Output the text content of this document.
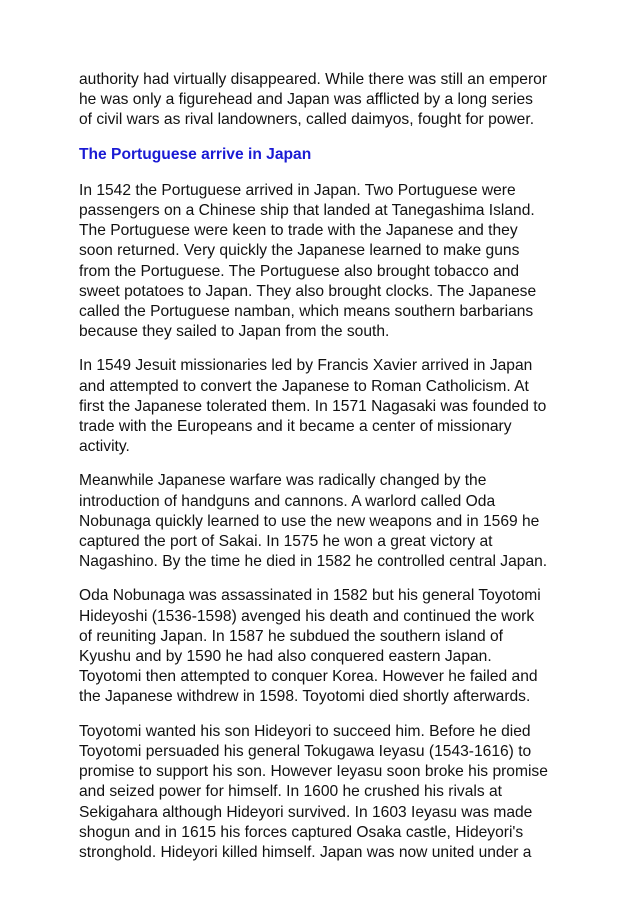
authority had virtually disappeared. While there was still an emperor
he was only a figurehead and Japan was afflicted by a long series
of civil wars as rival landowners, called daimyos, fought for power.

The Portuguese arrive in Japan

In 1542 the Portuguese arrived in Japan. Two Portuguese were
passengers on a Chinese ship that landed at Tanegashima Island.
The Portuguese were keen to trade with the Japanese and they
soon returned. Very quickly the Japanese learned to make guns
from the Portuguese. The Portuguese also brought tobacco and
sweet potatoes to Japan. They also brought clocks. The Japanese
called the Portuguese namban, which means southern barbarians
because they sailed to Japan from the south.

In 1549 Jesuit missionaries led by Francis Xavier arrived in Japan
and attempted to convert the Japanese to Roman Catholicism. At
first the Japanese tolerated them. In 1571 Nagasaki was founded to
trade with the Europeans and it became a center of missionary
activity.

Meanwhile Japanese warfare was radically changed by the
introduction of handguns and cannons. A warlord called Oda
Nobunaga quickly learned to use the new weapons and in 1569 he
captured the port of Sakai. In 1575 he won a great victory at
Nagashino. By the time he died in 1582 he controlled central Japan.

Oda Nobunaga was assassinated in 1582 but his general Toyotomi
Hideyoshi (1536-1598) avenged his death and continued the work
of reuniting Japan. In 1587 he subdued the southern island of
Kyushu and by 1590 he had also conquered eastern Japan.
Toyotomi then attempted to conquer Korea. However he failed and
the Japanese withdrew in 1598. Toyotomi died shortly afterwards.

Toyotomi wanted his son Hideyori to succeed him. Before he died
Toyotomi persuaded his general Tokugawa Ieyasu (1543-1616) to
promise to support his son. However Ieyasu soon broke his promise
and seized power for himself. In 1600 he crushed his rivals at
Sekigahara although Hideyori survived. In 1603 Ieyasu was made
shogun and in 1615 his forces captured Osaka castle, Hideyori's
stronghold. Hideyori killed himself. Japan was now united under a
